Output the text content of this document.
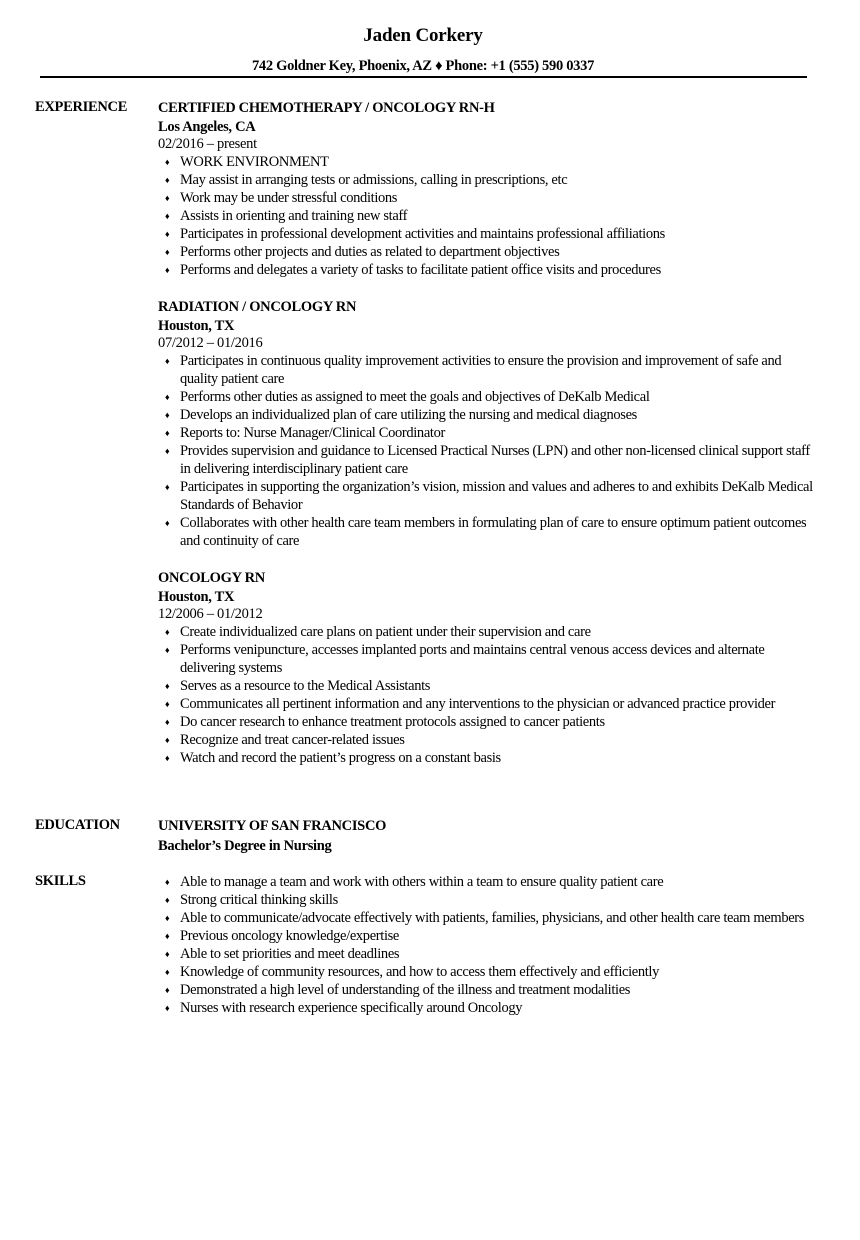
Jaden Corkery
742 Goldner Key, Phoenix, AZ ♦ Phone: +1 (555) 590 0337
EXPERIENCE CERTIFIED CHEMOTHERAPY / ONCOLOGY RN-H
Los Angeles, CA
02/2016 – present
♦ WORK ENVIRONMENT
♦ May assist in arranging tests or admissions, calling in prescriptions, etc
♦ Work may be under stressful conditions
♦ Assists in orienting and training new staff
♦ Participates in professional development activities and maintains professional affiliations
♦ Performs other projects and duties as related to department objectives
♦ Performs and delegates a variety of tasks to facilitate patient office visits and procedures
RADIATION / ONCOLOGY RN
Houston, TX
07/2012 – 01/2016
♦ Participates in continuous quality improvement activities to ensure the provision and improvement of safe and quality patient care
♦ Performs other duties as assigned to meet the goals and objectives of DeKalb Medical
♦ Develops an individualized plan of care utilizing the nursing and medical diagnoses
♦ Reports to: Nurse Manager/Clinical Coordinator
♦ Provides supervision and guidance to Licensed Practical Nurses (LPN) and other non-licensed clinical support staff in delivering interdisciplinary patient care
♦ Participates in supporting the organization’s vision, mission and values and adheres to and exhibits DeKalb Medical Standards of Behavior
♦ Collaborates with other health care team members in formulating plan of care to ensure optimum patient outcomes and continuity of care
ONCOLOGY RN
Houston, TX
12/2006 – 01/2012
♦ Create individualized care plans on patient under their supervision and care
♦ Performs venipuncture, accesses implanted ports and maintains central venous access devices and alternate delivering systems
♦ Serves as a resource to the Medical Assistants
♦ Communicates all pertinent information and any interventions to the physician or advanced practice provider
♦ Do cancer research to enhance treatment protocols assigned to cancer patients
♦ Recognize and treat cancer-related issues
♦ Watch and record the patient’s progress on a constant basis
EDUCATION	UNIVERSITY OF SAN FRANCISCO
Bachelor’s Degree in Nursing
SKILLS	♦ Able to manage a team and work with others within a team to ensure quality patient care
♦ Strong critical thinking skills
♦ Able to communicate/advocate effectively with patients, families, physicians, and other health care team members
♦ Previous oncology knowledge/expertise
♦ Able to set priorities and meet deadlines
♦ Knowledge of community resources, and how to access them effectively and efficiently
♦ Demonstrated a high level of understanding of the illness and treatment modalities
♦ Nurses with research experience specifically around Oncology
